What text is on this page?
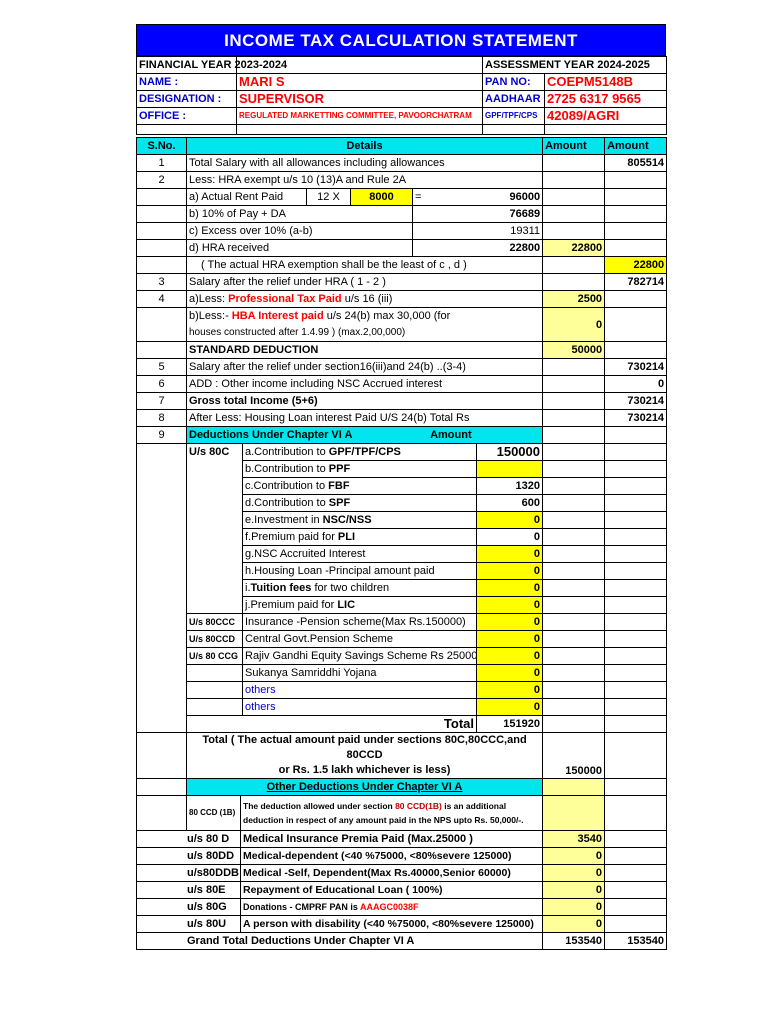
INCOME TAX CALCULATION STATEMENT
FINANCIAL YEAR 2023-2024		ASSESSMENT YEAR 2024-2025	
NAME :	MARI S	PAN NO:	COEPM5148B
DESIGNATION :	SUPERVISOR	AADHAAR	2725 6317 9565
OFFICE :	REGULATED MARKETTING COMMITTEE, PAVOORCHATRAM	GPF/TPF/CPS	42089/AGRI

S.No.	Details				Amount	Amount
1	Total Salary with all allowances including allowances					805514
2	Less: HRA exempt u/s 10 (13)A and Rule 2A					
	a) Actual Rent Paid	12 X	8000	= 96000		

	b) 10% of Pay + DA			76689		
	c) Excess over 10% (a-b)			19311		
	d) HRA received			22800	22800	
	( The actual HRA exemption shall be the least of c , d )					22800
3	Salary after the relief under HRA ( 1 - 2 )					782714
4	a)Less: Professional Tax Paid u/s 16 (iii)				2500	
	b)Less:- HBA Interest paid u/s 24(b) max 30,000 (for
houses constructed after 1.4.99 ) (max.2,00,000)				0	
	STANDARD DEDUCTION				50000	
5	Salary after the relief under section16(iii)and 24(b) ..(3-4)					730214
6	ADD : Other income including NSC Accrued interest					0
7	Gross total Income (5+6)					730214
8	After Less: Housing Loan interest Paid U/S 24(b) Total Rs					730214
9	Deductions Under Chapter VI A Amount					

	U/s 80C	a.Contribution to GPF/TPF/CPS	150000		
		b.Contribution to PPF			
		c.Contribution to FBF	1320		
		d.Contribution to SPF	600		
		e.Investment in NSC/NSS	0		
		f.Premium paid for PLI	0		
		g.NSC Accruited Interest	0		
		h.Housing Loan -Principal amount paid	0		
		i.Tuition fees for two children	0		
		j.Premium paid for LIC	0		
	U/s 80CCC	Insurance -Pension scheme(Max Rs.150000)	0		
	U/s 80CCD	Central Govt.Pension Scheme	0		
	U/s 80 CCG	Rajiv Gandhi Equity Savings Scheme Rs 25000	0		
		Sukanya Samriddhi Yojana	0		
		others	0		
		others	0		
	Total		151920		
	Total ( The actual amount paid under sections 80C,80CCC,and 80CCD
or Rs. 1.5 lakh whichever is less)	150000	
	Other Deductions Under Chapter VI A		
	80 CCD (1B)	The deduction allowed under section 80 CCD(1B) is an additional
deduction in respect of any amount paid in the NPS upto Rs. 50,000/-.		
u/s 80 D		Medical Insurance Premia Paid (Max.25000 )	3540	
u/s 80DD		Medical-dependent (<40 %75000, <80%severe 125000)	0	
u/s80DDB		Medical -Self, Dependent(Max Rs.40000,Senior 60000)	0	
u/s 80E		Repayment of Educational Loan ( 100%)	0	
u/s 80G		Donations - CMPRF PAN is AAAGC0038F	0	
u/s 80U		A person with disability (<40 %75000, <80%severe 125000)	0	
Grand Total Deductions Under Chapter VI A			153540	153540
